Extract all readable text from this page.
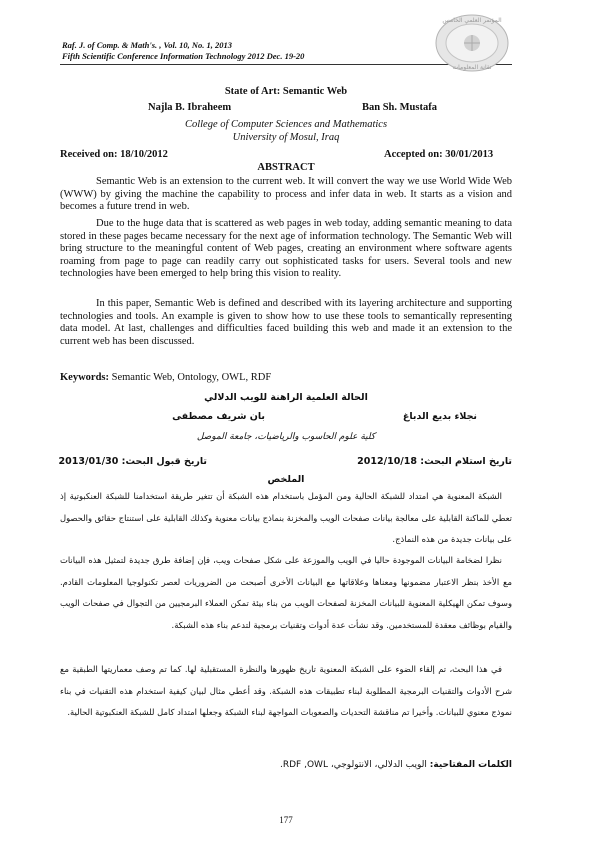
Raf. J. of Comp. & Math's. , Vol. 10, No. 1, 2013
Fifth Scientific Conference Information Technology 2012 Dec. 19-20
المؤتمر العلمي الخامس
تقانة المعلومات
State of Art: Semantic Web
Najla B. Ibraheem	Ban Sh. Mustafa
College of Computer Sciences and Mathematics
University of Mosul, Iraq
Received on: 18/10/2012	Accepted on: 30/01/2013
ABSTRACT

Semantic Web is an extension to the current web. It will convert the way we use World Wide Web (WWW) by giving the machine the capability to process and infer data in web. It starts as a vision and becomes a future trend in web.

Due to the huge data that is scattered as web pages in web today, adding semantic meaning to data stored in these pages became necessary for the next age of information technology. The Semantic Web will bring structure to the meaningful content of Web pages, creating an environment where software agents roaming from page to page can readily carry out sophisticated tasks for users. Several tools and new technologies have been emerged to help bring this vision to reality.

In this paper, Semantic Web is defined and described with its layering architecture and supporting technologies and tools. An example is given to show how to use these tools to semantically representing data model. At last, challenges and difficulties faced building this web and made it an extension to the current web has been discussed.

Keywords: Semantic Web, Ontology, OWL, RDF
الحالة العلمية الراهنة للويب الدلالي
نجلاء بديع الدباغ
بان شريف مصطفى
كلية علوم الحاسوب والرياضيات، جامعة الموصل
تاريخ استلام البحث: 2012/10/18
تاريخ قبول البحث: 2013/01/30
الملخص

الشبكة المعنوية هي امتداد للشبكة الحالية ومن المؤمل باستخدام هذه الشبكة أن تتغير طريقة استخدامنا للشبكة العنكبوتية إذ تعطي للماكنة القابلية على معالجة بيانات صفحات الويب والمخزنة بنماذج بيانات معنوية وكذلك القابلية على استنتاج حقائق والحصول على بيانات جديدة من هذه النماذج.

نظرا لضخامة البيانات الموجودة حاليا في الويب والموزعة على شكل صفحات ويب، فإن إضافة طرق جديدة لتمثيل هذه البيانات مع الأخذ بنظر الاعتبار مضمونها ومعناها وعلاقاتها مع البيانات الأخرى أصبحت من الضروريات لعصر تكنولوجيا المعلومات القادم. وسوف تمكن الهيكلية المعنوية للبيانات المخزنة لصفحات الويب من بناء بيئة تمكن العملاء البرمجيين من التجوال في صفحات الويب والقيام بوظائف معقدة للمستخدمين. وقد نشأت عدة أدوات وتقنيات برمجية لتدعم بناء هذه الشبكة.

في هذا البحث، تم إلقاء الضوء على الشبكة المعنوية تاريخ ظهورها والنظرة المستقبلية لها. كما تم وصف معماريتها الطبقية مع شرح الأدوات والتقنيات البرمجية المطلوبة لبناء تطبيقات هذه الشبكة. وقد أعطي مثال لبيان كيفية استخدام هذه التقنيات في بناء نموذج معنوي للبيانات. وأخيرا تم مناقشة التحديات والصعوبات المواجهة لبناء الشبكة وجعلها امتداد كامل للشبكة العنكبوتية الحالية.

الكلمات المفتاحية: الويب الدلالي، الانتولوجي، RDF ,OWL.
177
